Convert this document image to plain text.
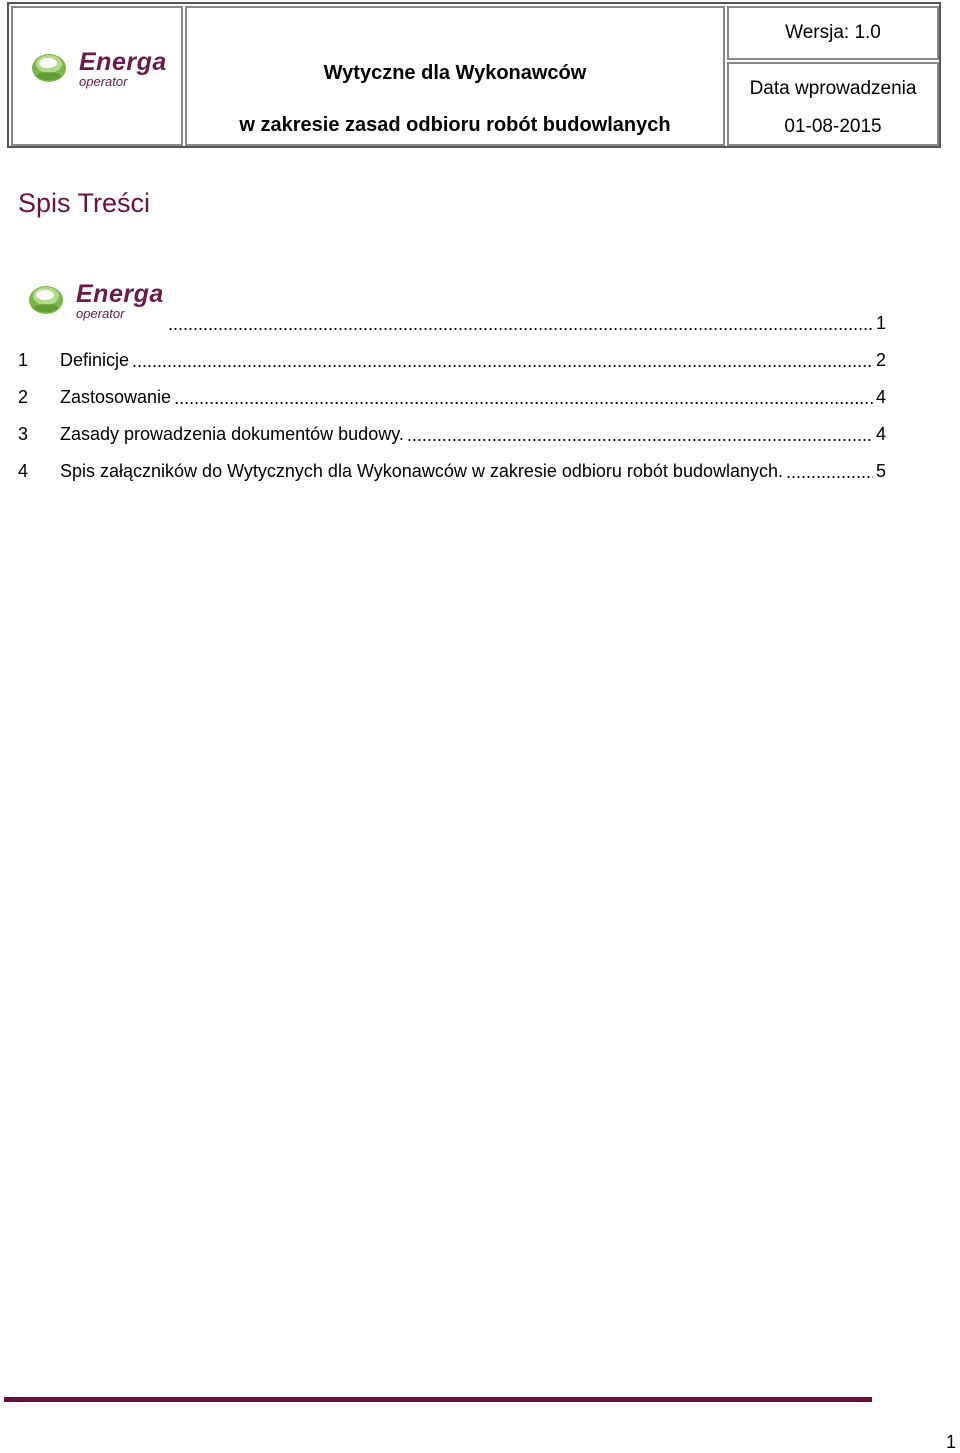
Energa
operator	Wytyczne dla Wykonawców
w zakresie zasad odbioru robót budowlanych
Wersja: 1.0
Data wprowadzenia
01-08-2015
Spis Treści
Energa
operator .....	1
1	Definicje .....	2
2	Zastosowanie .....	4
3	Zasady prowadzenia dokumentów budowy. .....	4
4	Spis załączników do Wytycznych dla Wykonawców w zakresie odbioru robót budowlanych. .....	5
1
